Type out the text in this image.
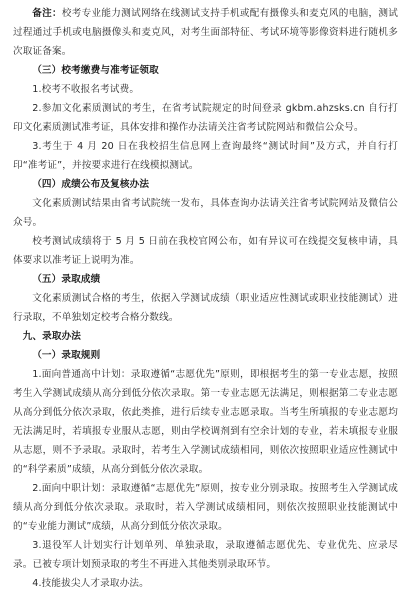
备注：校考专业能力测试网络在线测试支持手机或配有摄像头和麦克风的电脑，测试过程通过手机或电脑摄像头和麦克风，对考生面部特征、考试环境等影像资料进行随机多次取证备案。

（三）校考缴费与准考证领取

1.校考不收报名考试费。

2.参加文化素质测试的考生，在省考试院规定的时间登录 gkbm.ahzsks.cn 自行打印文化素质测试准考证，具体安排和操作办法请关注省考试院网站和微信公众号。

3.考生于 4 月 20 日在我校招生信息网上查询最终“测试时间”及方式，并自行打印“准考证”，并按要求进行在线模拟测试。

（四）成绩公布及复核办法

文化素质测试结果由省考试院统一发布，具体查询办法请关注省考试院网站及微信公众号。

校考测试成绩将于 5 月 5 日前在我校官网公布，如有异议可在线提交复核申请，具体要求以准考证上说明为准。

（五）录取成绩

文化素质测试合格的考生，依据入学测试成绩（职业适应性测试或职业技能测试）进行录取，不单独划定校考合格分数线。

九、录取办法

（一）录取规则

1.面向普通高中计划：录取遵循“志愿优先”原则，即根据考生的第一专业志愿，按照考生入学测试成绩从高分到低分依次录取。第一专业志愿无法满足，则根据第二专业志愿从高分到低分依次录取，依此类推，进行后续专业志愿录取。当考生所填报的专业志愿均无法满足时，若填报专业服从志愿，则由学校调剂到有空余计划的专业，若未填报专业服从志愿，则不予录取。录取时，若考生入学测试成绩相同，则依次按照职业适应性测试中的“科学素质”成绩，从高分到低分依次录取。

2.面向中职计划：录取遵循“志愿优先”原则，按专业分别录取。按照考生入学测试成绩从高分到低分依次录取。录取时，若入学测试成绩相同，则依次按照职业技能测试中的“专业能力测试”成绩，从高分到低分依次录取。

3.退役军人计划实行计划单列、单独录取，录取遵循志愿优先、专业优先、应录尽录。已被专项计划预录取的考生不再进入其他类别录取环节。

4.技能拔尖人才录取办法。
